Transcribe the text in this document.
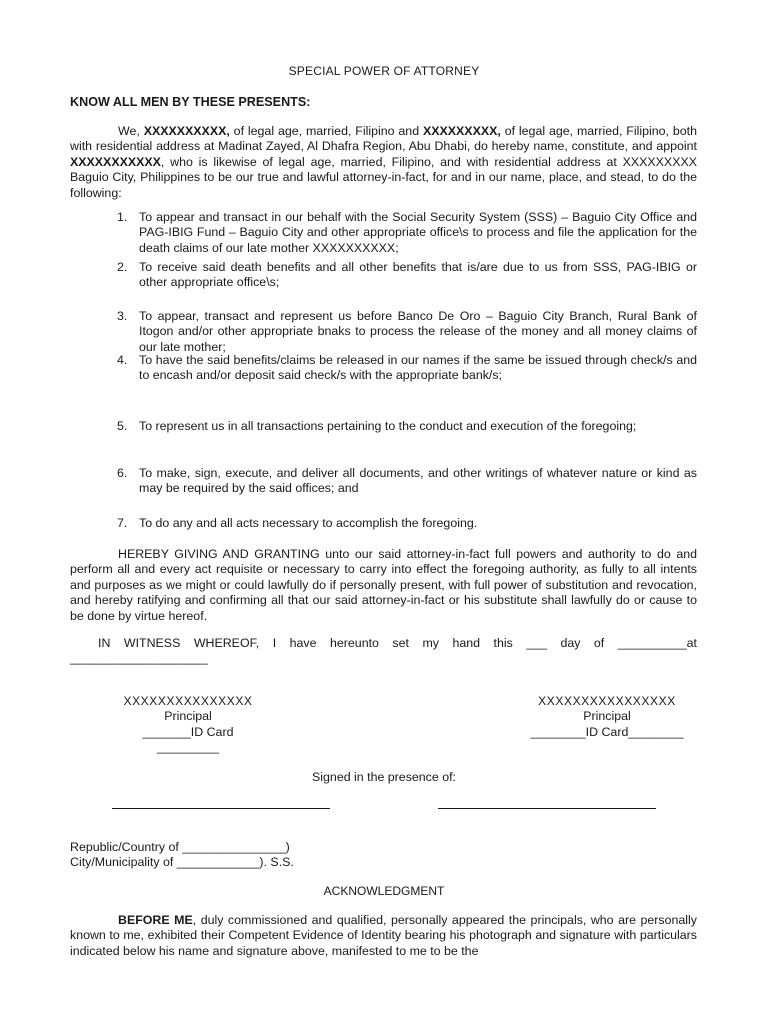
SPECIAL POWER OF ATTORNEY
KNOW ALL MEN BY THESE PRESENTS:
We, XXXXXXXXXX, of legal age, married, Filipino and XXXXXXXXX, of legal age, married, Filipino, both with residential address at Madinat Zayed, Al Dhafra Region, Abu Dhabi, do hereby name, constitute, and appoint XXXXXXXXXXX, who is likewise of legal age, married, Filipino, and with residential address at XXXXXXXXX Baguio City, Philippines to be our true and lawful attorney-in-fact, for and in our name, place, and stead, to do the following:
1. To appear and transact in our behalf with the Social Security System (SSS) – Baguio City Office and PAG-IBIG Fund – Baguio City and other appropriate office\s to process and file the application for the death claims of our late mother XXXXXXXXXX;
2. To receive said death benefits and all other benefits that is/are due to us from SSS, PAG-IBIG or other appropriate office\s;
3. To appear, transact and represent us before Banco De Oro – Baguio City Branch, Rural Bank of Itogon and/or other appropriate bnaks to process the release of the money and all money claims of our late mother;
4. To have the said benefits/claims be released in our names if the same be issued through check/s and to encash and/or deposit said check/s with the appropriate bank/s;
5. To represent us in all transactions pertaining to the conduct and execution of the foregoing;
6. To make, sign, execute, and deliver all documents, and other writings of whatever nature or kind as may be required by the said offices; and
7. To do any and all acts necessary to accomplish the foregoing.
HEREBY GIVING AND GRANTING unto our said attorney-in-fact full powers and authority to do and perform all and every act requisite or necessary to carry into effect the foregoing authority, as fully to all intents and purposes as we might or could lawfully do if personally present, with full power of substitution and revocation, and hereby ratifying and confirming all that our said attorney-in-fact or his substitute shall lawfully do or cause to be done by virtue hereof.
IN WITNESS WHEREOF, I have hereunto set my hand this ___ day of __________at
____________________
XXXXXXXXXXXXXXX
Principal
_______ID Card _________
XXXXXXXXXXXXXXXX
Principal
________ID Card________
Signed in the presence of:
Republic/Country of _______________)
City/Municipality of ____________). S.S.
ACKNOWLEDGMENT
BEFORE ME, duly commissioned and qualified, personally appeared the principals, who are personally known to me, exhibited their Competent Evidence of Identity bearing his photograph and signature with particulars indicated below his name and signature above, manifested to me to be the
